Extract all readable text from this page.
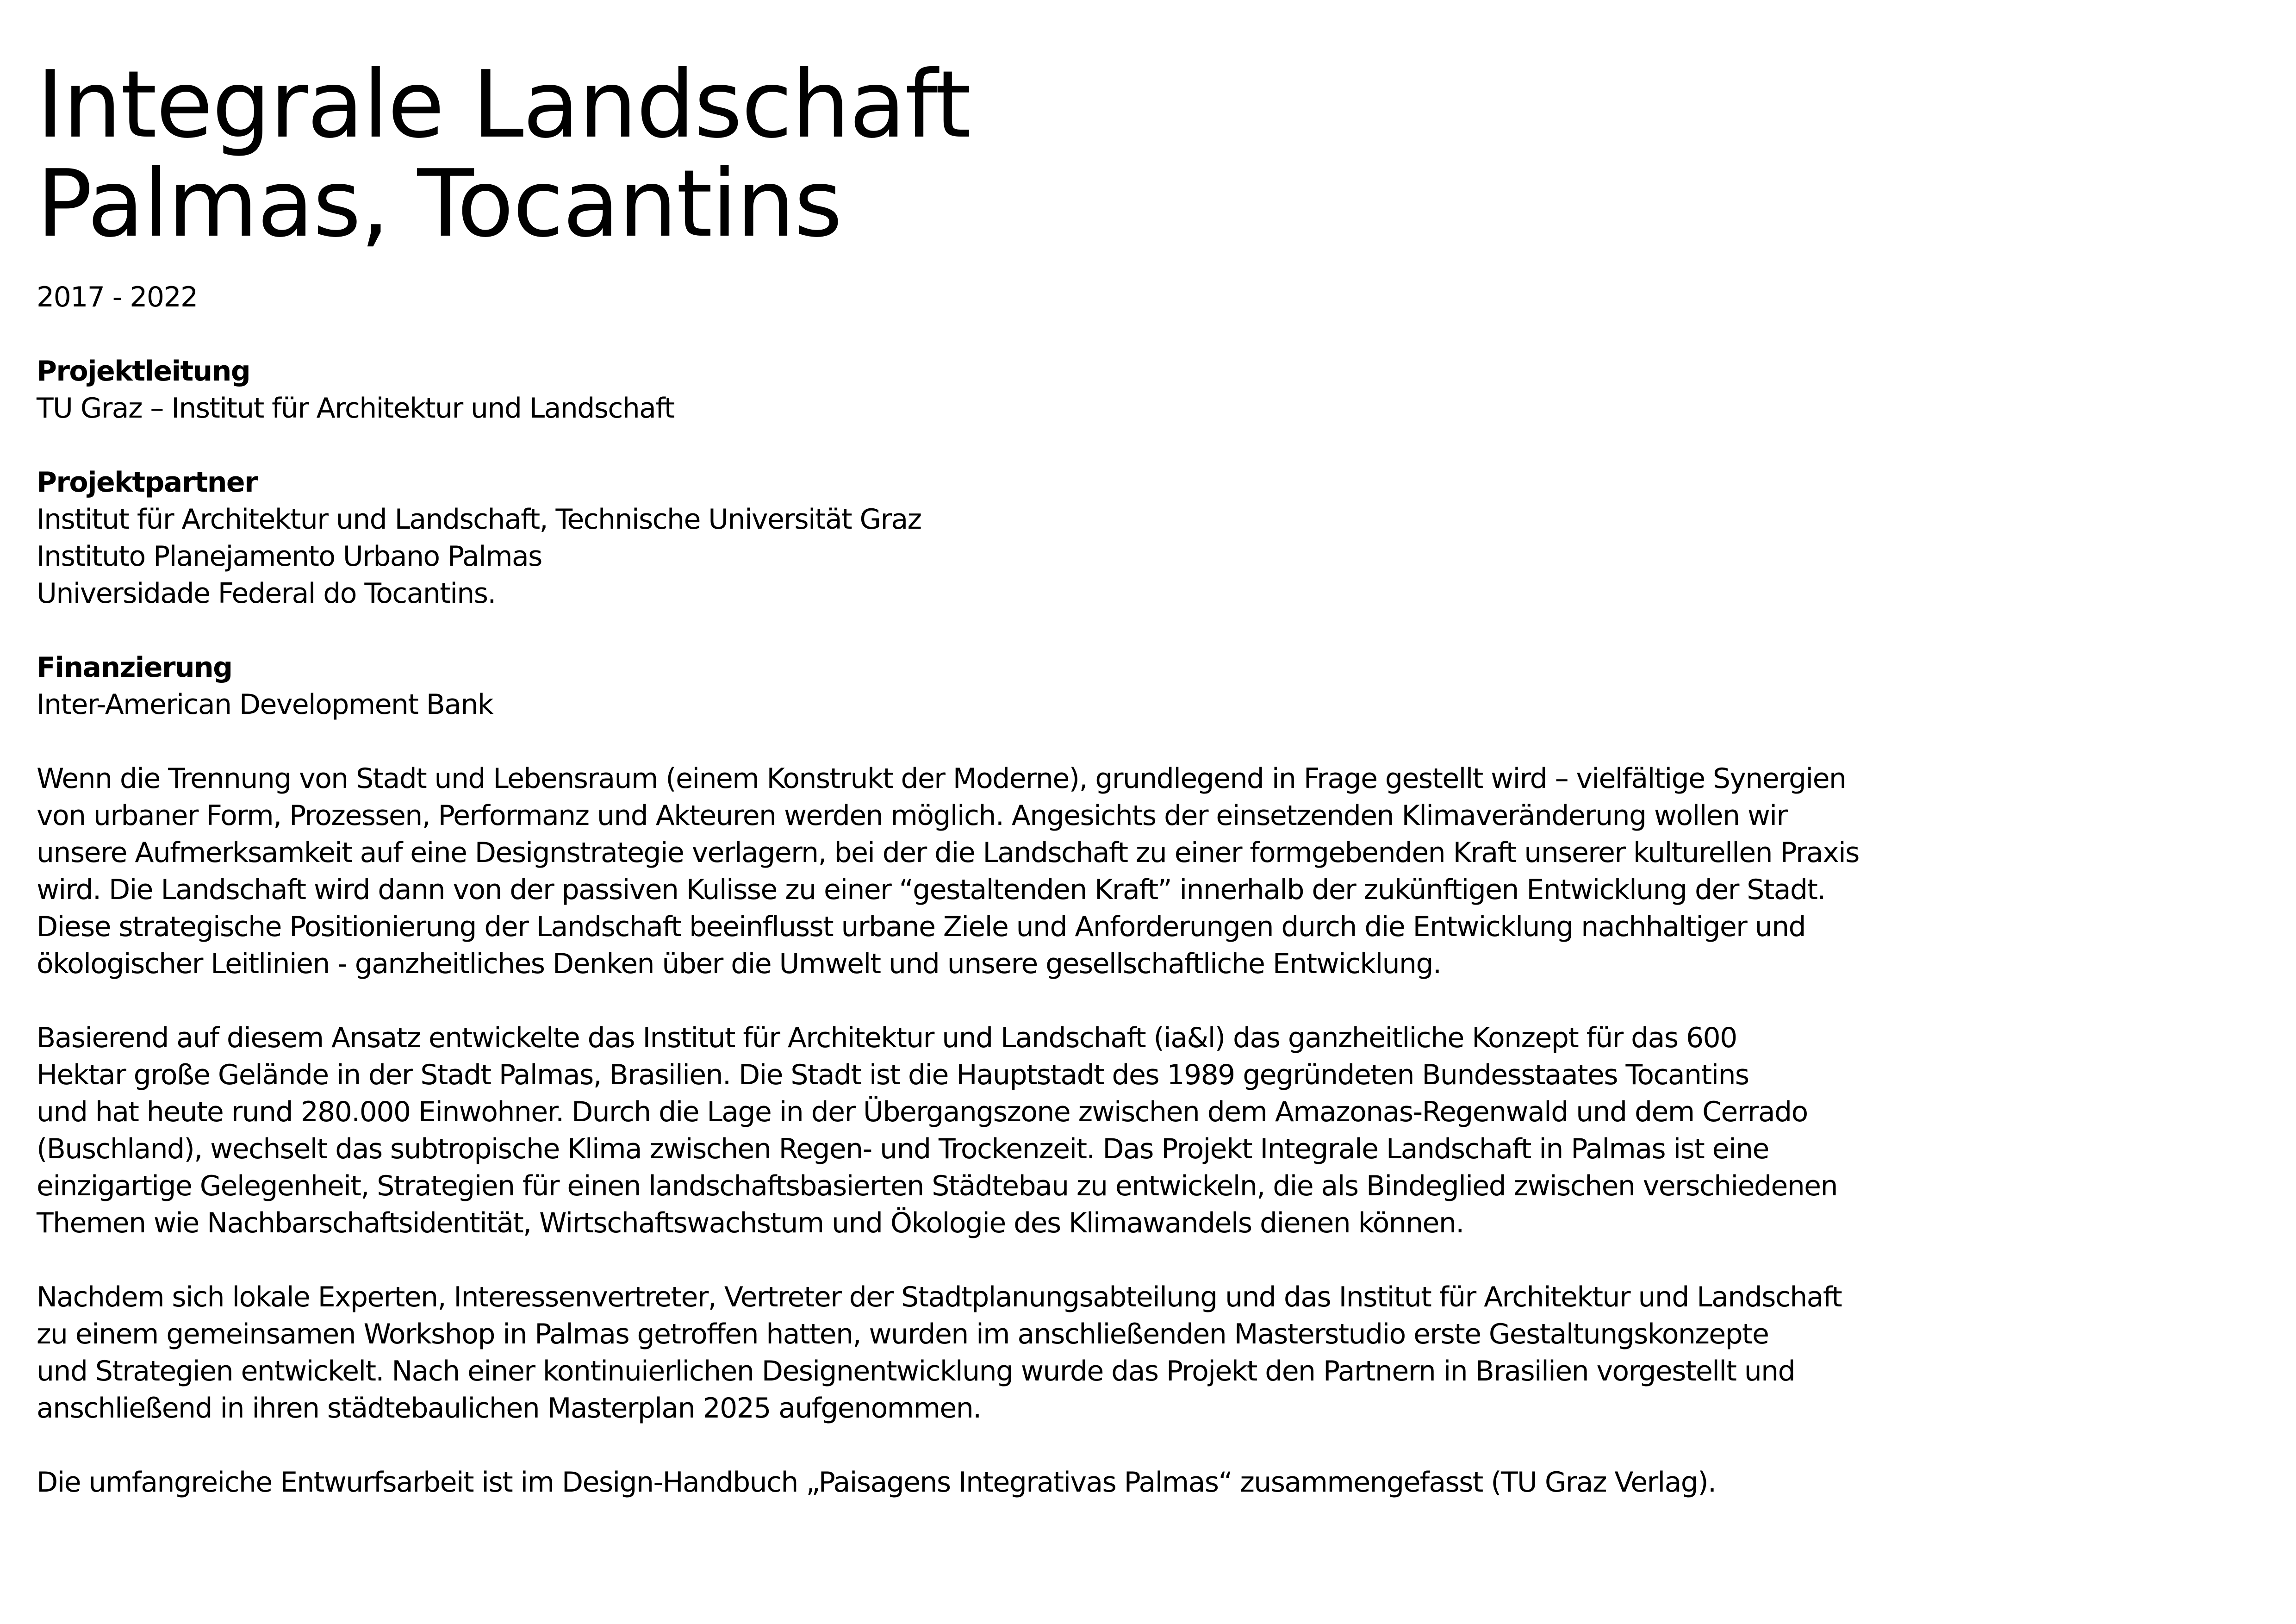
Integrale Landschaft
Palmas, Tocantins
2017 - 2022
Projektleitung
TU Graz – Institut für Architektur und Landschaft
Projektpartner
Institut für Architektur und Landschaft, Technische Universität Graz
Instituto Planejamento Urbano Palmas
Universidade Federal do Tocantins.
Finanzierung
Inter-American Development Bank
Wenn die Trennung von Stadt und Lebensraum (einem Konstrukt der Moderne), grundlegend in Frage gestellt wird – vielfältige Synergien
von urbaner Form, Prozessen, Performanz und Akteuren werden möglich. Angesichts der einsetzenden Klimaveränderung wollen wir
unsere Aufmerksamkeit auf eine Designstrategie verlagern, bei der die Landschaft zu einer formgebenden Kraft unserer kulturellen Praxis
wird. Die Landschaft wird dann von der passiven Kulisse zu einer “gestaltenden Kraft” innerhalb der zukünftigen Entwicklung der Stadt.
Diese strategische Positionierung der Landschaft beeinflusst urbane Ziele und Anforderungen durch die Entwicklung nachhaltiger und
ökologischer Leitlinien - ganzheitliches Denken über die Umwelt und unsere gesellschaftliche Entwicklung.
Basierend auf diesem Ansatz entwickelte das Institut für Architektur und Landschaft (ia&l) das ganzheitliche Konzept für das 600
Hektar große Gelände in der Stadt Palmas, Brasilien. Die Stadt ist die Hauptstadt des 1989 gegründeten Bundesstaates Tocantins
und hat heute rund 280.000 Einwohner. Durch die Lage in der Übergangszone zwischen dem Amazonas-Regenwald und dem Cerrado
(Buschland), wechselt das subtropische Klima zwischen Regen- und Trockenzeit. Das Projekt Integrale Landschaft in Palmas ist eine
einzigartige Gelegenheit, Strategien für einen landschaftsbasierten Städtebau zu entwickeln, die als Bindeglied zwischen verschiedenen
Themen wie Nachbarschaftsidentität, Wirtschaftswachstum und Ökologie des Klimawandels dienen können.
Nachdem sich lokale Experten, Interessenvertreter, Vertreter der Stadtplanungsabteilung und das Institut für Architektur und Landschaft
zu einem gemeinsamen Workshop in Palmas getroffen hatten, wurden im anschließenden Masterstudio erste Gestaltungskonzepte
und Strategien entwickelt. Nach einer kontinuierlichen Designentwicklung wurde das Projekt den Partnern in Brasilien vorgestellt und
anschließend in ihren städtebaulichen Masterplan 2025 aufgenommen.
Die umfangreiche Entwurfsarbeit ist im Design-Handbuch „Paisagens Integrativas Palmas“ zusammengefasst (TU Graz Verlag).
